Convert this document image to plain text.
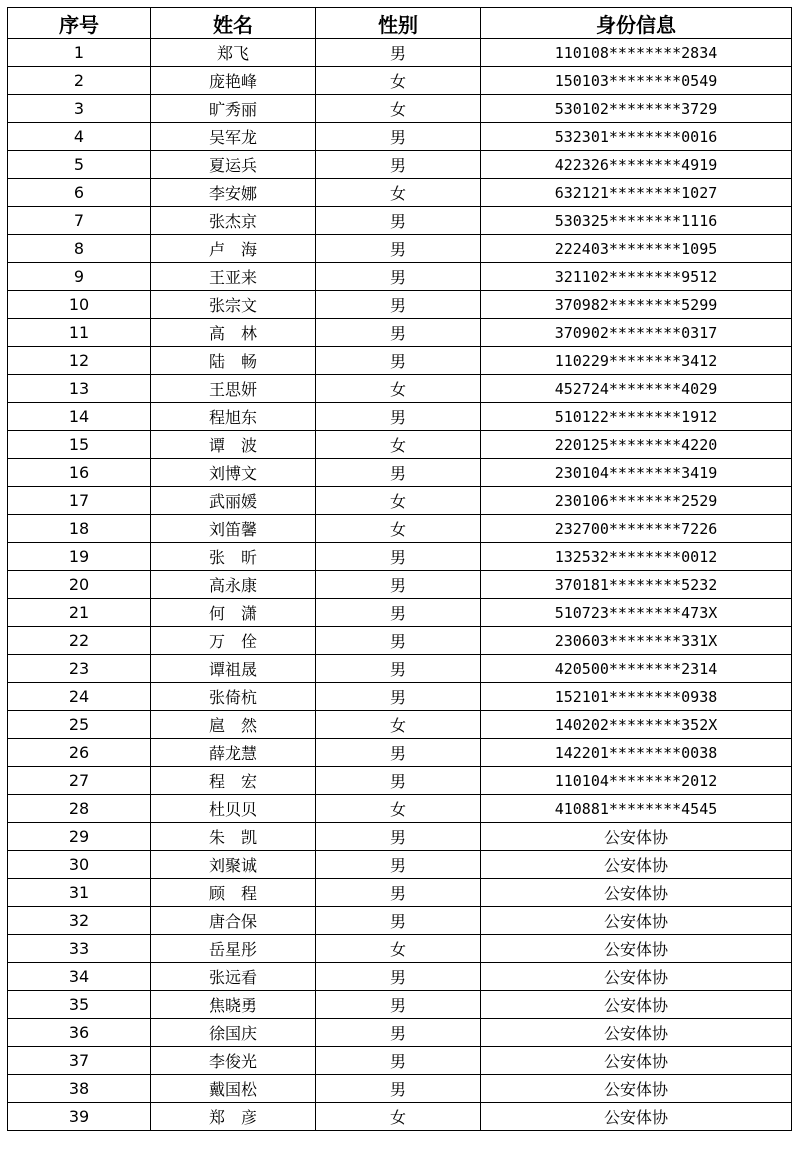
序号	姓名	性别	身份信息
1	郑飞	男	110108********2834
2	庞艳峰	女	150103********0549
3	旷秀丽	女	530102********3729
4	吴军龙	男	532301********0016
5	夏运兵	男	422326********4919
6	李安娜	女	632121********1027
7	张杰京	男	530325********1116
8	卢　海	男	222403********1095
9	王亚来	男	321102********9512
10	张宗文	男	370982********5299
11	高　林	男	370902********0317
12	陆　畅	男	110229********3412
13	王思妍	女	452724********4029
14	程旭东	男	510122********1912
15	谭　波	女	220125********4220
16	刘博文	男	230104********3419
17	武丽媛	女	230106********2529
18	刘笛馨	女	232700********7226
19	张　昕	男	132532********0012
20	高永康	男	370181********5232
21	何　潇	男	510723********473X
22	万　佺	男	230603********331X
23	谭祖晟	男	420500********2314
24	张倚杭	男	152101********0938
25	扈　然	女	140202********352X
26	薛龙慧	男	142201********0038
27	程　宏	男	110104********2012
28	杜贝贝	女	410881********4545
29	朱　凯	男	公安体协
30	刘聚诚	男	公安体协
31	顾　程	男	公安体协
32	唐合保	男	公安体协
33	岳星彤	女	公安体协
34	张远看	男	公安体协
35	焦晓勇	男	公安体协
36	徐国庆	男	公安体协
37	李俊光	男	公安体协
38	戴国松	男	公安体协
39	郑　彦	女	公安体协
